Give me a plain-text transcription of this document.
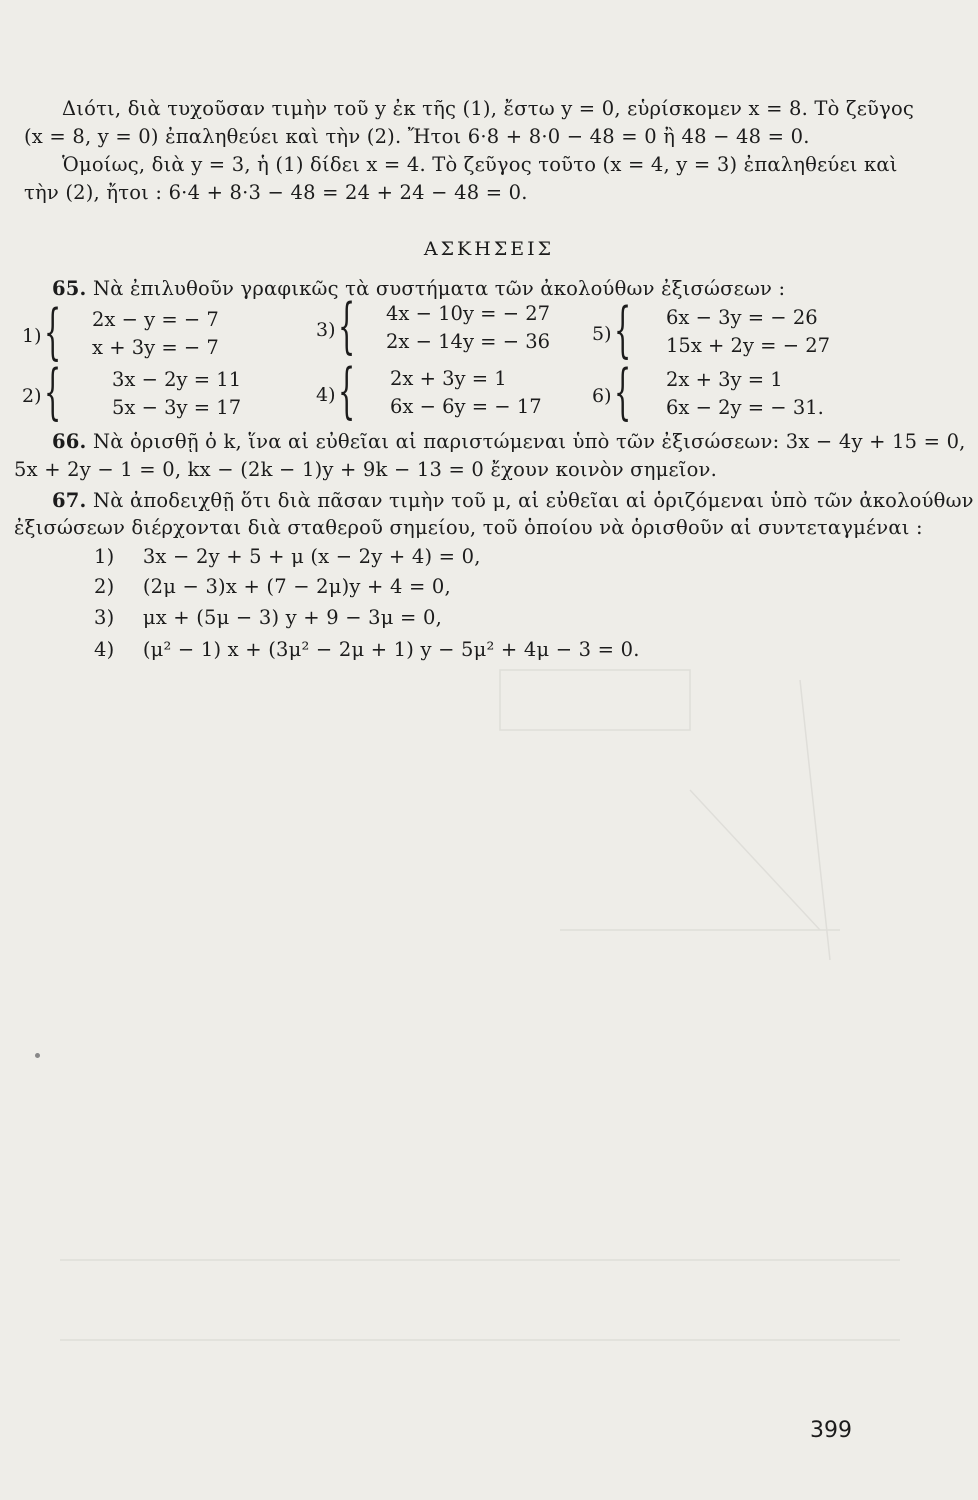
Διότι, διὰ τυχοῦσαν τιμὴν τοῦ y ἐκ τῆς (1), ἔστω y = 0, εὑρίσκομεν x = 8. Τὸ ζεῦγος
(x = 8, y = 0) ἐπαληθεύει καὶ τὴν (2). Ἤτοι 6·8 + 8·0 − 48 = 0 ἢ 48 − 48 = 0.
Ὁμοίως, διὰ y = 3, ἡ (1) δίδει x = 4. Τὸ ζεῦγος τοῦτο (x = 4, y = 3) ἐπαληθεύει καὶ
τὴν (2), ἤτοι : 6·4 + 8·3 − 48 = 24 + 24 − 48 = 0.
ΑΣΚΗΣΕΙΣ
65. Νὰ ἐπιλυθοῦν γραφικῶς τὰ συστήματα τῶν ἀκολούθων ἐξισώσεων :
1) { 2x − y = − 7
x + 3y = − 7
3) { 4x − 10y = − 27
2x − 14y = − 36 5) { 6x − 3y = − 26
15x + 2y = − 27
2) {	3x − 2y = 11
5x − 3y = 17
4) { 2x + 3y = 1
6x − 6y = − 17	6) { 2x + 3y = 1
6x − 2y = − 31.
66. Νὰ ὁρισθῇ ὁ k, ἵνα αἱ εὐθεῖαι αἱ παριστώμεναι ὑπὸ τῶν ἐξισώσεων: 3x − 4y + 15 = 0,
5x + 2y − 1 = 0, kx − (2k − 1)y + 9k − 13 = 0 ἔχουν κοινὸν σημεῖον.
67. Νὰ ἀποδειχθῇ ὅτι διὰ πᾶσαν τιμὴν τοῦ μ, αἱ εὐθεῖαι αἱ ὁριζόμεναι ὑπὸ τῶν ἀκολούθων
ἐξισώσεων διέρχονται διὰ σταθεροῦ σημείου, τοῦ ὁποίου νὰ ὁρισθοῦν αἱ συντεταγμέναι :
1) 3x − 2y + 5 + μ (x − 2y + 4) = 0,
2) (2μ − 3)x + (7 − 2μ)y + 4 = 0,
3) μx + (5μ − 3) y + 9 − 3μ = 0,
4) (μ² − 1) x + (3μ² − 2μ + 1) y − 5μ² + 4μ − 3 = 0.
399
